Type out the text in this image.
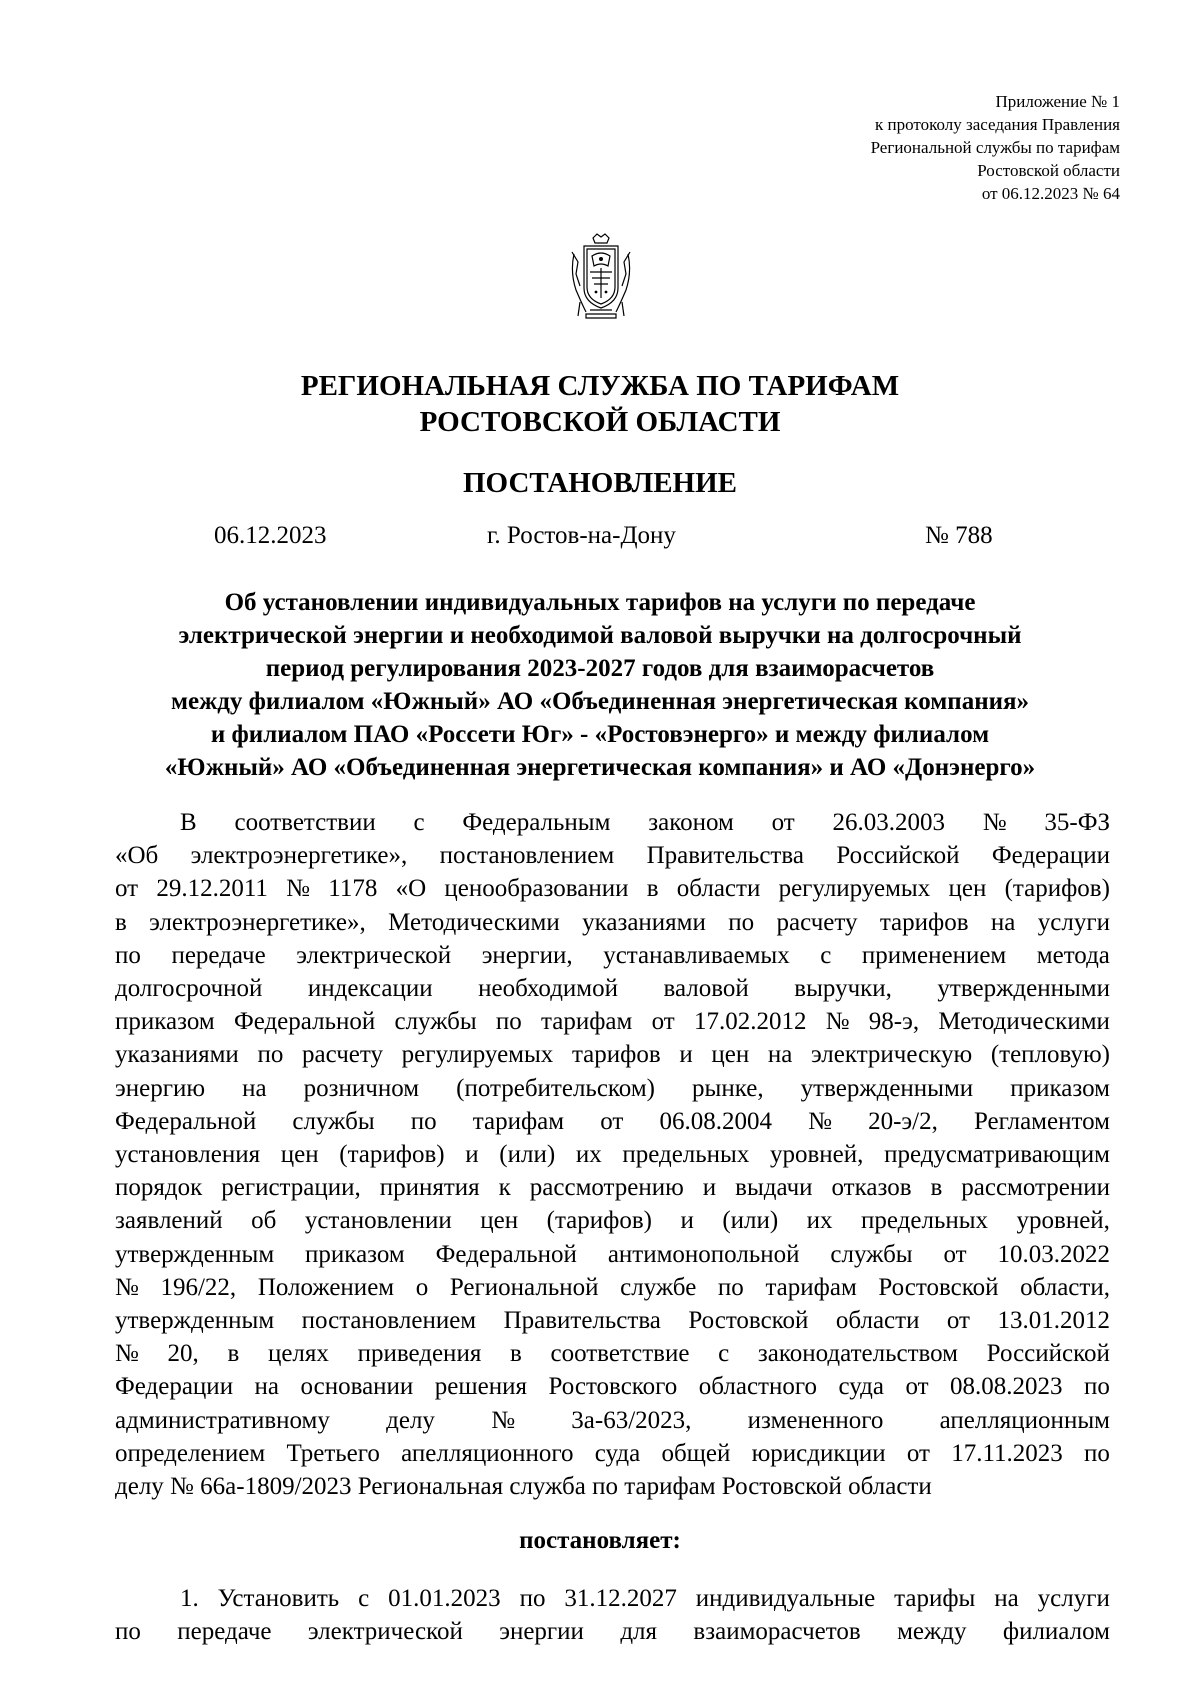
Приложение № 1
к протоколу заседания Правления
Региональной службы по тарифам
Ростовской области
от 06.12.2023 № 64
РЕГИОНАЛЬНАЯ СЛУЖБА ПО ТАРИФАМ
РОСТОВСКОЙ ОБЛАСТИ
ПОСТАНОВЛЕНИЕ
06.12.2023	г. Ростов-на-Дону	№ 788
Об установлении индивидуальных тарифов на услуги по передаче
электрической энергии и необходимой валовой выручки на долгосрочный
период регулирования 2023-2027 годов для взаиморасчетов
между филиалом «Южный» АО «Объединенная энергетическая компания»
и филиалом ПАО «Россети Юг» - «Ростовэнерго» и между филиалом
«Южный» АО «Объединенная энергетическая компания» и АО «Донэнерго»
В соответствии с Федеральным законом от 26.03.2003 № 35-ФЗ
«Об электроэнергетике», постановлением Правительства Российской Федерации
от 29.12.2011 № 1178 «О ценообразовании в области регулируемых цен (тарифов)
в электроэнергетике», Методическими указаниями по расчету тарифов на услуги
по передаче электрической энергии, устанавливаемых с применением метода
долгосрочной индексации необходимой валовой выручки, утвержденными
приказом Федеральной службы по тарифам от 17.02.2012 № 98-э, Методическими
указаниями по расчету регулируемых тарифов и цен на электрическую (тепловую)
энергию на розничном (потребительском) рынке, утвержденными приказом
Федеральной службы по тарифам от 06.08.2004 № 20-э/2, Регламентом
установления цен (тарифов) и (или) их предельных уровней, предусматривающим
порядок регистрации, принятия к рассмотрению и выдачи отказов в рассмотрении
заявлений об установлении цен (тарифов) и (или) их предельных уровней,
утвержденным приказом Федеральной антимонопольной службы от 10.03.2022
№ 196/22, Положением о Региональной службе по тарифам Ростовской области,
утвержденным постановлением Правительства Ростовской области от 13.01.2012
№ 20, в целях приведения в соответствие с законодательством Российской
Федерации на основании решения Ростовского областного суда от 08.08.2023 по
административному делу № 3а-63/2023, измененного апелляционным
определением Третьего апелляционного суда общей юрисдикции от 17.11.2023 по
делу № 66а-1809/2023 Региональная служба по тарифам Ростовской области
постановляет:
1. Установить с 01.01.2023 по 31.12.2027 индивидуальные тарифы на услуги
по передаче электрической энергии для взаиморасчетов между филиалом
